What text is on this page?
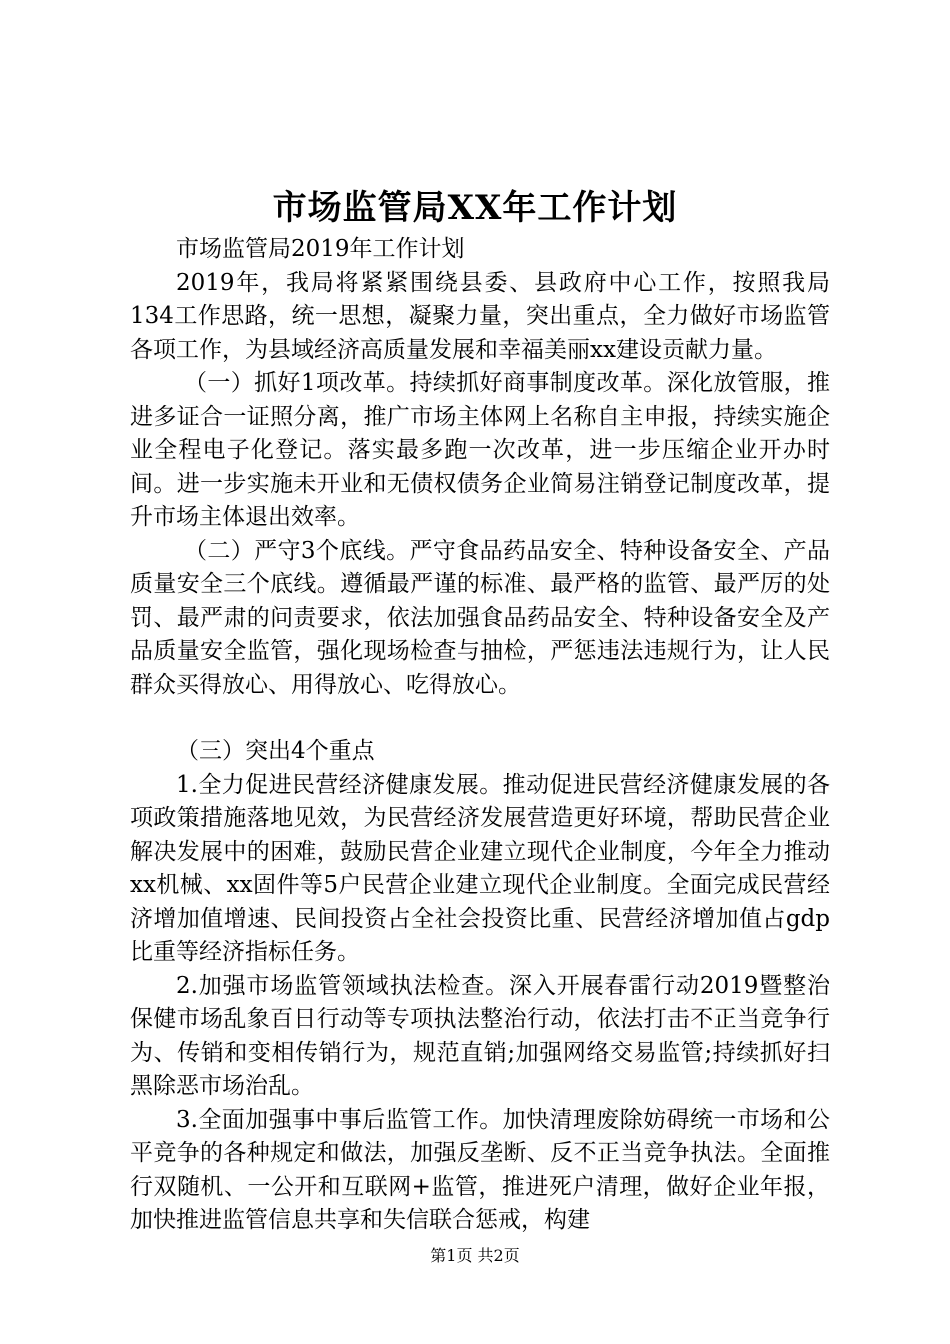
市场监管局XX年工作计划

市场监管局2019年工作计划

2019年，我局将紧紧围绕县委、县政府中心工作，按照我局134工作思路，统一思想，凝聚力量，突出重点，全力做好市场监管各项工作，为县域经济高质量发展和幸福美丽xx建设贡献力量。

（一）抓好1项改革。持续抓好商事制度改革。深化放管服，推进多证合一证照分离，推广市场主体网上名称自主申报，持续实施企业全程电子化登记。落实最多跑一次改革，进一步压缩企业开办时间。进一步实施未开业和无债权债务企业简易注销登记制度改革，提升市场主体退出效率。

（二）严守3个底线。严守食品药品安全、特种设备安全、产品质量安全三个底线。遵循最严谨的标准、最严格的监管、最严厉的处罚、最严肃的问责要求，依法加强食品药品安全、特种设备安全及产品质量安全监管，强化现场检查与抽检，严惩违法违规行为，让人民群众买得放心、用得放心、吃得放心。

（三）突出4个重点

1.全力促进民营经济健康发展。推动促进民营经济健康发展的各项政策措施落地见效，为民营经济发展营造更好环境，帮助民营企业解决发展中的困难，鼓励民营企业建立现代企业制度，今年全力推动xx机械、xx固件等5户民营企业建立现代企业制度。全面完成民营经济增加值增速、民间投资占全社会投资比重、民营经济增加值占gdp比重等经济指标任务。

2.加强市场监管领域执法检查。深入开展春雷行动2019暨整治保健市场乱象百日行动等专项执法整治行动，依法打击不正当竞争行为、传销和变相传销行为，规范直销;加强网络交易监管;持续抓好扫黑除恶市场治乱。

3.全面加强事中事后监管工作。加快清理废除妨碍统一市场和公平竞争的各种规定和做法，加强反垄断、反不正当竞争执法。全面推行双随机、一公开和互联网+监管，推进死户清理，做好企业年报，加快推进监管信息共享和失信联合惩戒，构建

第1页 共2页
